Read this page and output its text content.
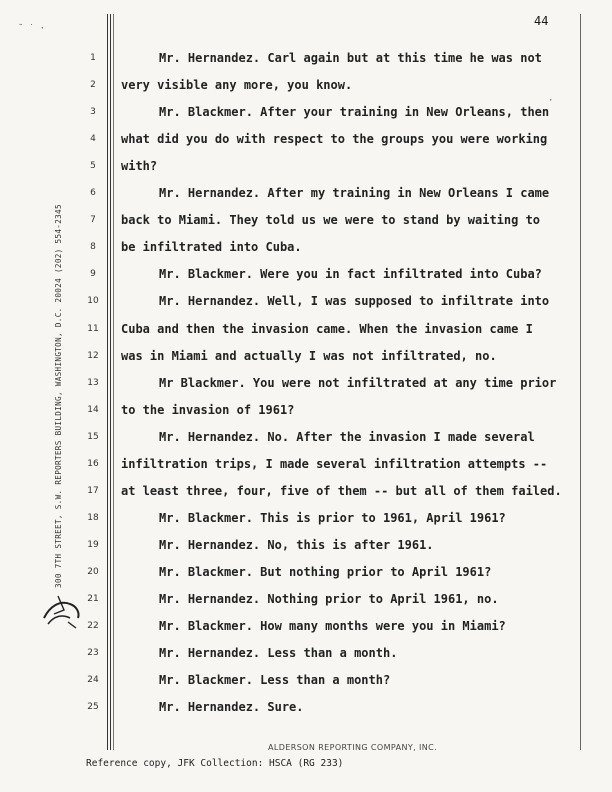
44
300 7TH STREET, S.W. REPORTERS BUILDING, WASHINGTON, D.C. 20024 (202) 554-2345
˘ ˙ ·
·
1	Mr. Hernandez. Carl again but at this time he was not
2	very visible any more, you know.
3	Mr. Blackmer. After your training in New Orleans, then
4	what did you do with respect to the groups you were working
5	with?
6	Mr. Hernandez. After my training in New Orleans I came
7	back to Miami. They told us we were to stand by waiting to
8	be infiltrated into Cuba.
9	Mr. Blackmer. Were you in fact infiltrated into Cuba?
10	Mr. Hernandez. Well, I was supposed to infiltrate into
11	Cuba and then the invasion came. When the invasion came I
12	was in Miami and actually I was not infiltrated, no.
13	Mr Blackmer. You were not infiltrated at any time prior
14	to the invasion of 1961?
15	Mr. Hernandez. No. After the invasion I made several
16	infiltration trips, I made several infiltration attempts --
17	at least three, four, five of them -- but all of them failed.
18	Mr. Blackmer. This is prior to 1961, April 1961?
19	Mr. Hernandez. No, this is after 1961.
20	Mr. Blackmer. But nothing prior to April 1961?
21	Mr. Hernandez. Nothing prior to April 1961, no.
22	Mr. Blackmer. How many months were you in Miami?
23	Mr. Hernandez. Less than a month.
24	Mr. Blackmer. Less than a month?
25	Mr. Hernandez. Sure.
ALDERSON REPORTING COMPANY, INC.
Reference copy, JFK Collection: HSCA (RG 233)
